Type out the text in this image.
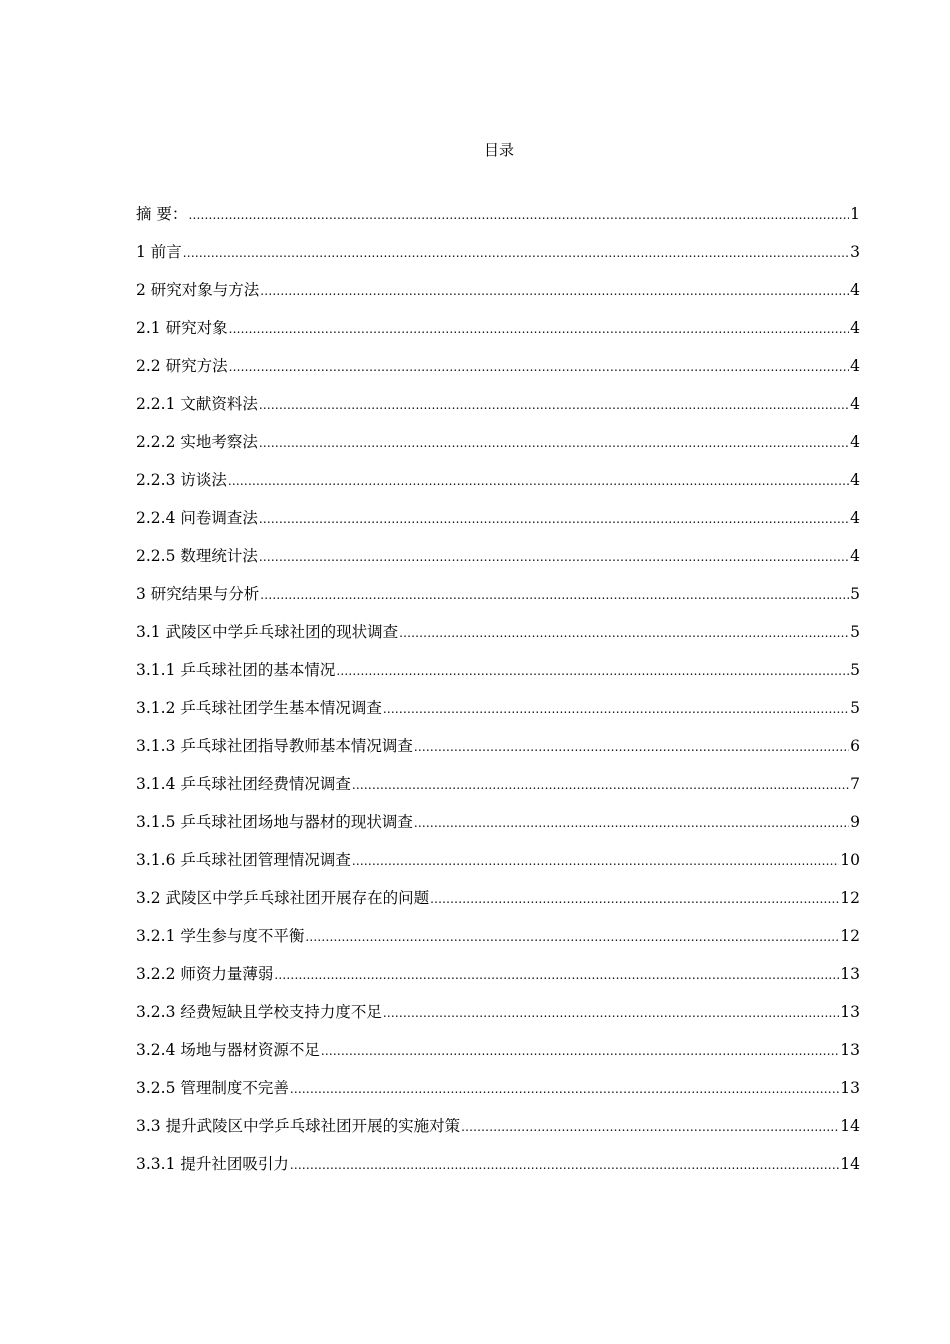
目录
摘 要： .....	1
1 前言 .....	3
2 研究对象与方法 .....	4
2.1 研究对象 .....	4
2.2 研究方法 .....	4
2.2.1 文献资料法 .....	4
2.2.2 实地考察法 .....	4
2.2.3 访谈法 .....	4
2.2.4 问卷调查法 .....	4
2.2.5 数理统计法 .....	4
3 研究结果与分析 .....	5
3.1 武陵区中学乒乓球社团的现状调查 .....	5
3.1.1 乒乓球社团的基本情况 .....	5
3.1.2 乒乓球社团学生基本情况调查 .....	5
3.1.3 乒乓球社团指导教师基本情况调查 .....	6
3.1.4 乒乓球社团经费情况调查 .....	7
3.1.5 乒乓球社团场地与器材的现状调查 .....	9
3.1.6 乒乓球社团管理情况调查 .....	10
3.2 武陵区中学乒乓球社团开展存在的问题 .....	12
3.2.1 学生参与度不平衡 .....	12
3.2.2 师资力量薄弱 .....	13
3.2.3 经费短缺且学校支持力度不足 .....	13
3.2.4 场地与器材资源不足 .....	13
3.2.5 管理制度不完善 .....	13
3.3 提升武陵区中学乒乓球社团开展的实施对策 .....	14
3.3.1 提升社团吸引力 .....	14
